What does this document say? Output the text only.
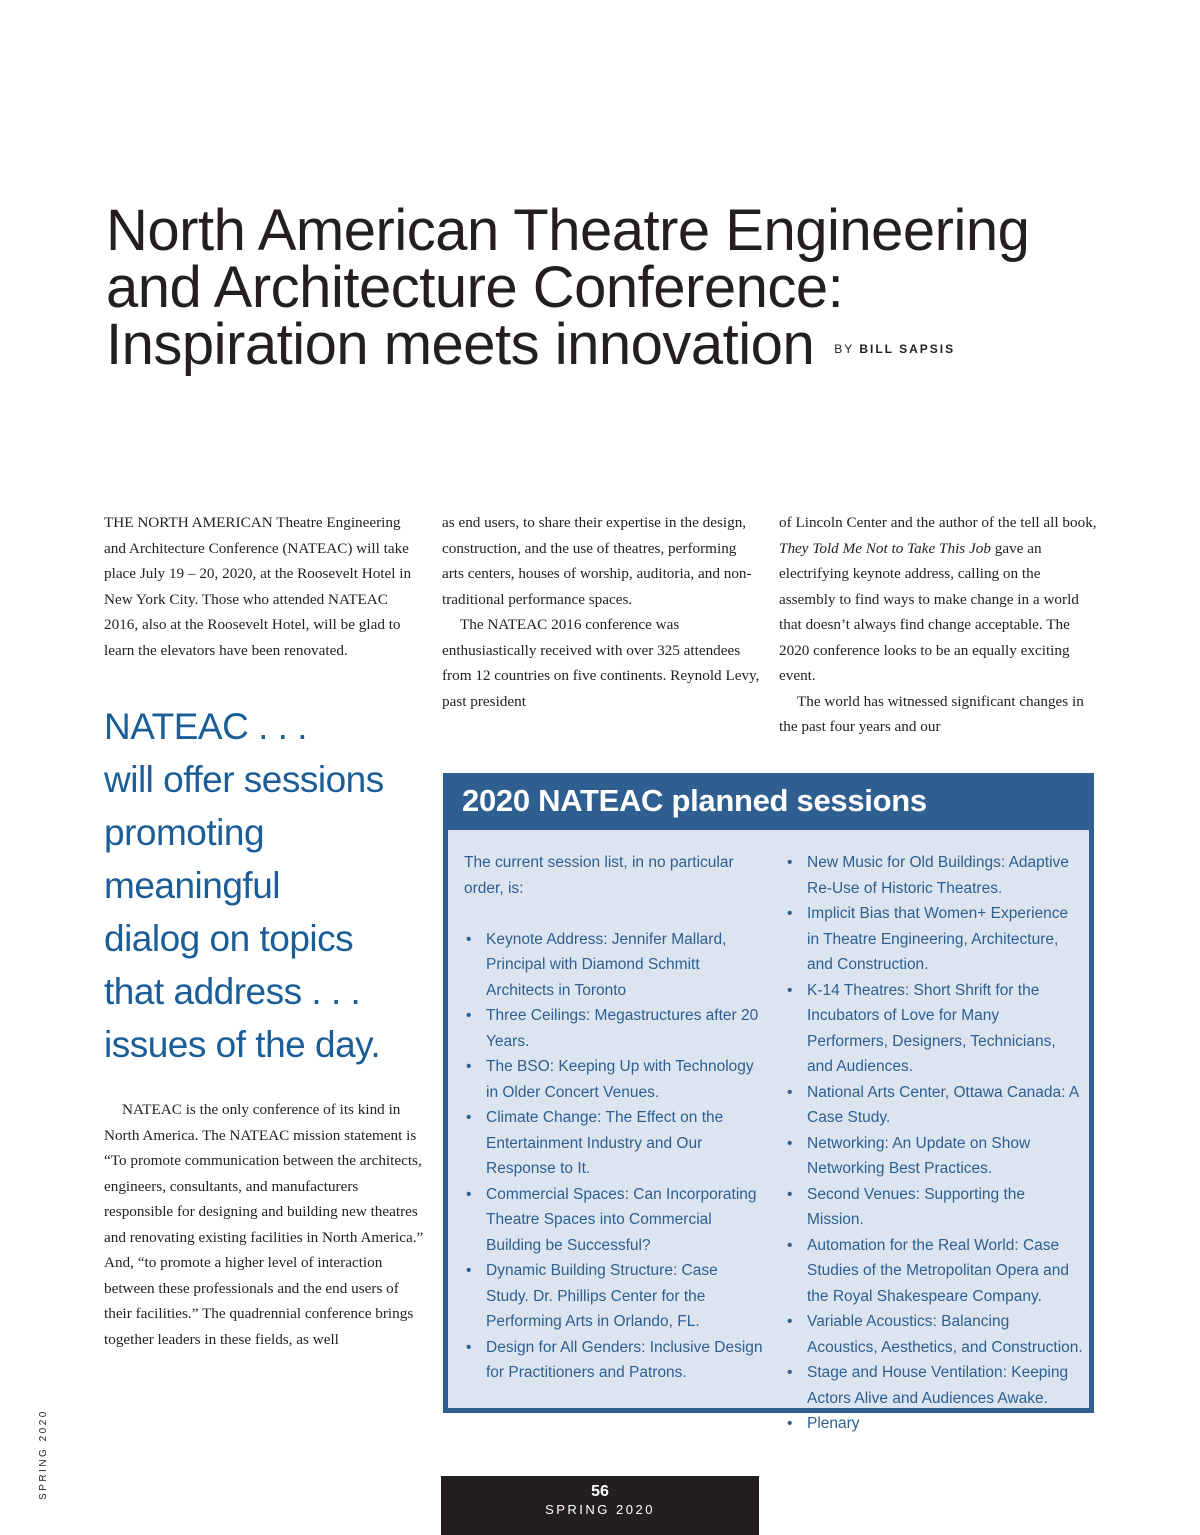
North American Theatre Engineering
and Architecture Conference:
Inspiration meets innovation BY BILL SAPSIS

THE NORTH AMERICAN Theatre Engineering and Architecture Conference (NATEAC) will take place July 19 – 20, 2020, at the Roosevelt Hotel in New York City. Those who attended NATEAC 2016, also at the Roosevelt Hotel, will be glad to learn the elevators have been renovated.

NATEAC . . .
will offer sessions
promoting
meaningful
dialog on topics
that address . . .
issues of the day.

NATEAC is the only conference of its kind in North America. The NATEAC mission statement is “To promote communication between the architects, engineers, consultants, and manufacturers responsible for designing and building new theatres and renovating existing facilities in North America.” And, “to promote a higher level of interaction between these professionals and the end users of their facilities.” The quadrennial conference brings together leaders in these fields, as well

as end users, to share their expertise in the design, construction, and the use of theatres, performing arts centers, houses of worship, auditoria, and non-traditional performance spaces.

The NATEAC 2016 conference was enthusiastically received with over 325 attendees from 12 countries on five continents. Reynold Levy, past president

of Lincoln Center and the author of the tell all book, They Told Me Not to Take This Job gave an electrifying keynote address, calling on the assembly to find ways to make change in a world that doesn’t always find change acceptable. The 2020 conference looks to be an equally exciting event.

The world has witnessed significant changes in the past four years and our

2020 NATEAC planned sessions

The current session list, in no particular order, is:

• Keynote Address: Jennifer Mallard, Principal with Diamond Schmitt Architects in Toronto
• Three Ceilings: Megastructures after 20 Years.
• The BSO: Keeping Up with Technology in Older Concert Venues.
• Climate Change: The Effect on the Entertainment Industry and Our Response to It.
• Commercial Spaces: Can Incorporating Theatre Spaces into Commercial Building be Successful?
• Dynamic Building Structure: Case Study. Dr. Phillips Center for the Performing Arts in Orlando, FL.
• Design for All Genders: Inclusive Design for Practitioners and Patrons.
• New Music for Old Buildings: Adaptive Re-Use of Historic Theatres.
• Implicit Bias that Women+ Experience in Theatre Engineering, Architecture, and Construction.
• K-14 Theatres: Short Shrift for the Incubators of Love for Many Performers, Designers, Technicians, and Audiences.
• National Arts Center, Ottawa Canada: A Case Study.
• Networking: An Update on Show Networking Best Practices.
• Second Venues: Supporting the Mission.
• Automation for the Real World: Case Studies of the Metropolitan Opera and the Royal Shakespeare Company.
• Variable Acoustics: Balancing Acoustics, Aesthetics, and Construction.
• Stage and House Ventilation: Keeping Actors Alive and Audiences Awake.
• Plenary
SPRING 2020	56
SPRING 2020
